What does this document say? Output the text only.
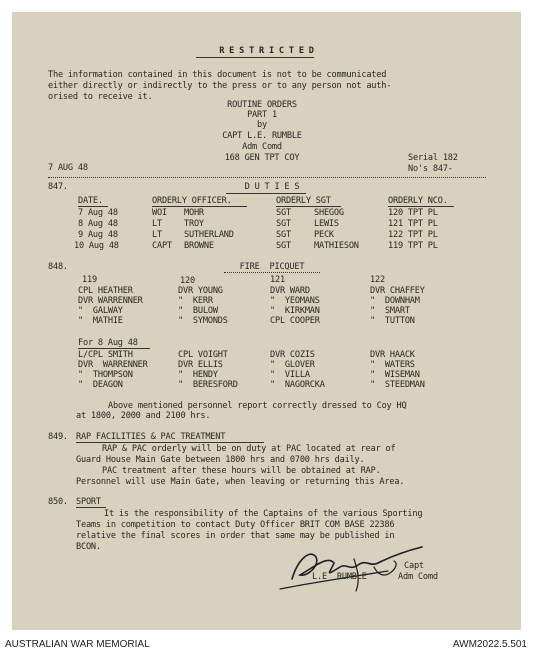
R E S T R I C T E D
The information contained in this document is not to be communicated
either directly or indirectly to the press or to any person not auth-
orised to receive it.
ROUTINE ORDERS
PART 1
by
CAPT L.E. RUMBLE
Adm Comd
168 GEN TPT COY
7 AUG 48
Serial 182
No's 847-
847.	D U T I E S
DATE.	ORDERLY OFFICER.	ORDERLY SGT	ORDERLY NCO.
7 Aug 48	WOI MOHR	SGT	SHEGOG	120 TPT PL
8 Aug 48	LT	TROY	SGT	LEWIS	121 TPT PL
9 Aug 48	LT	SUTHERLAND	SGT	PECK	122 TPT PL
10 Aug 48	CAPT BROWNE	SGT	MATHIESON	119 TPT PL
848.	FIRE  PICQUET
119	120	121	122
CPL HEATHER	DVR YOUNG	DVR WARD	DVR CHAFFEY
DVR WARRENNER	"  KERR	"  YEOMANS	"  DOWNHAM
"  GALWAY	"  BULOW	"  KIRKMAN	"  SMART
"  MATHIE	"  SYMONDS	CPL COOPER	"  TUTTON
For 8 Aug 48
L/CPL SMITH	CPL VOIGHT	DVR COZIS	DVR HAACK
DVR  WARRENNER	DVR ELLIS	"  GLOVER	"  WATERS
"  THOMPSON	"  HENDY	"  VILLA	"  WISEMAN
"  DEAGON	"  BERESFORD	"  NAGORCKA	"  STEEDMAN
Above mentioned personnel report correctly dressed to Coy HQ
at 1800, 2000 and 2100 hrs.
849. RAP FACILITIES & PAC TREATMENT
RAP & PAC orderly will be on duty at PAC located at rear of
Guard House Main Gate between 1800 hrs and 0700 hrs daily.
PAC treatment after these hours will be obtained at RAP.
Personnel will use Main Gate, when leaving or returning this Area.
850. SPORT
It is the responsibility of the Captains of the various Sporting
Teams in competition to contact Duty Officer BRIT COM BASE 22386
relative the final scores in order that same may be published in
BCON.
Capt
L.E  RUMBLE	Adm Comd
AUSTRALIAN WAR MEMORIAL	AWM2022.5.501
